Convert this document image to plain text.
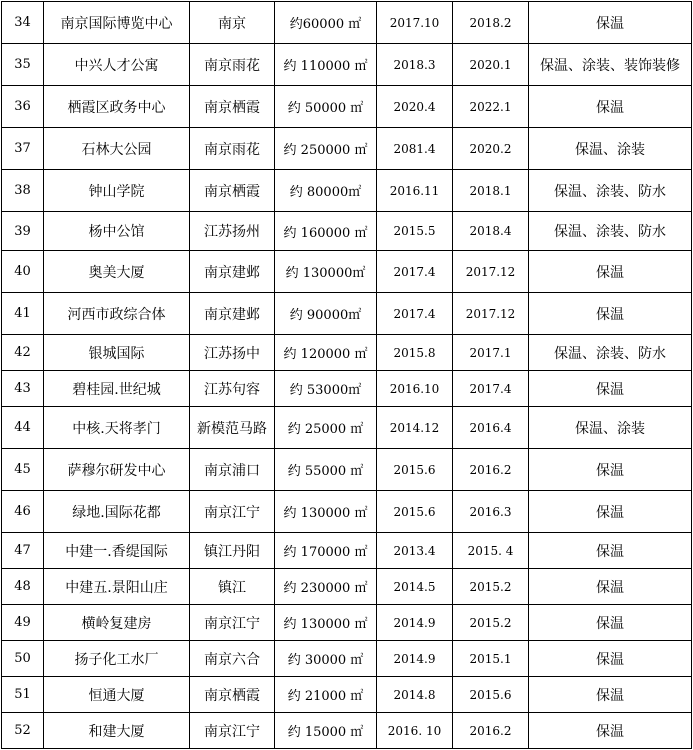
34	南京国际博览中心	南京	约60000 ㎡	2017.10	2018.2	保温
35	中兴人才公寓	南京雨花	约 110000 ㎡	2018.3	2020.1	保温、涂装、装饰装修
36	栖霞区政务中心	南京栖霞	约 50000 ㎡	2020.4	2022.1	保温
37	石林大公园	南京雨花	约 250000 ㎡	2081.4	2020.2	保温、涂装
38	钟山学院	南京栖霞	约 80000㎡	2016.11	2018.1	保温、涂装、防水
39	杨中公馆	江苏扬州	约 160000 ㎡	2015.5	2018.4	保温、涂装、防水
40	奥美大厦	南京建邺	约 130000㎡	2017.4	2017.12	保温
41	河西市政综合体	南京建邺	约 90000㎡	2017.4	2017.12	保温
42	银城国际	江苏扬中	约 120000 ㎡	2015.8	2017.1	保温、涂装、防水
43	碧桂园.世纪城	江苏句容	约 53000㎡	2016.10	2017.4	保温
44	中核.天将孝门	新模范马路	约 25000 ㎡	2014.12	2016.4	保温、涂装
45	萨穆尔研发中心	南京浦口	约 55000 ㎡	2015.6	2016.2	保温
46	绿地.国际花都	南京江宁	约 130000 ㎡	2015.6	2016.3	保温
47	中建一.香缇国际	镇江丹阳	约 170000 ㎡	2013.4	2015. 4	保温
48	中建五.景阳山庄	镇江	约 230000 ㎡	2014.5	2015.2	保温
49	横岭复建房	南京江宁	约 130000 ㎡	2014.9	2015.2	保温
50	扬子化工水厂	南京六合	约 30000 ㎡	2014.9	2015.1	保温
51	恒通大厦	南京栖霞	约 21000 ㎡	2014.8	2015.6	保温
52	和建大厦	南京江宁	约 15000 ㎡	2016. 10	2016.2	保温
